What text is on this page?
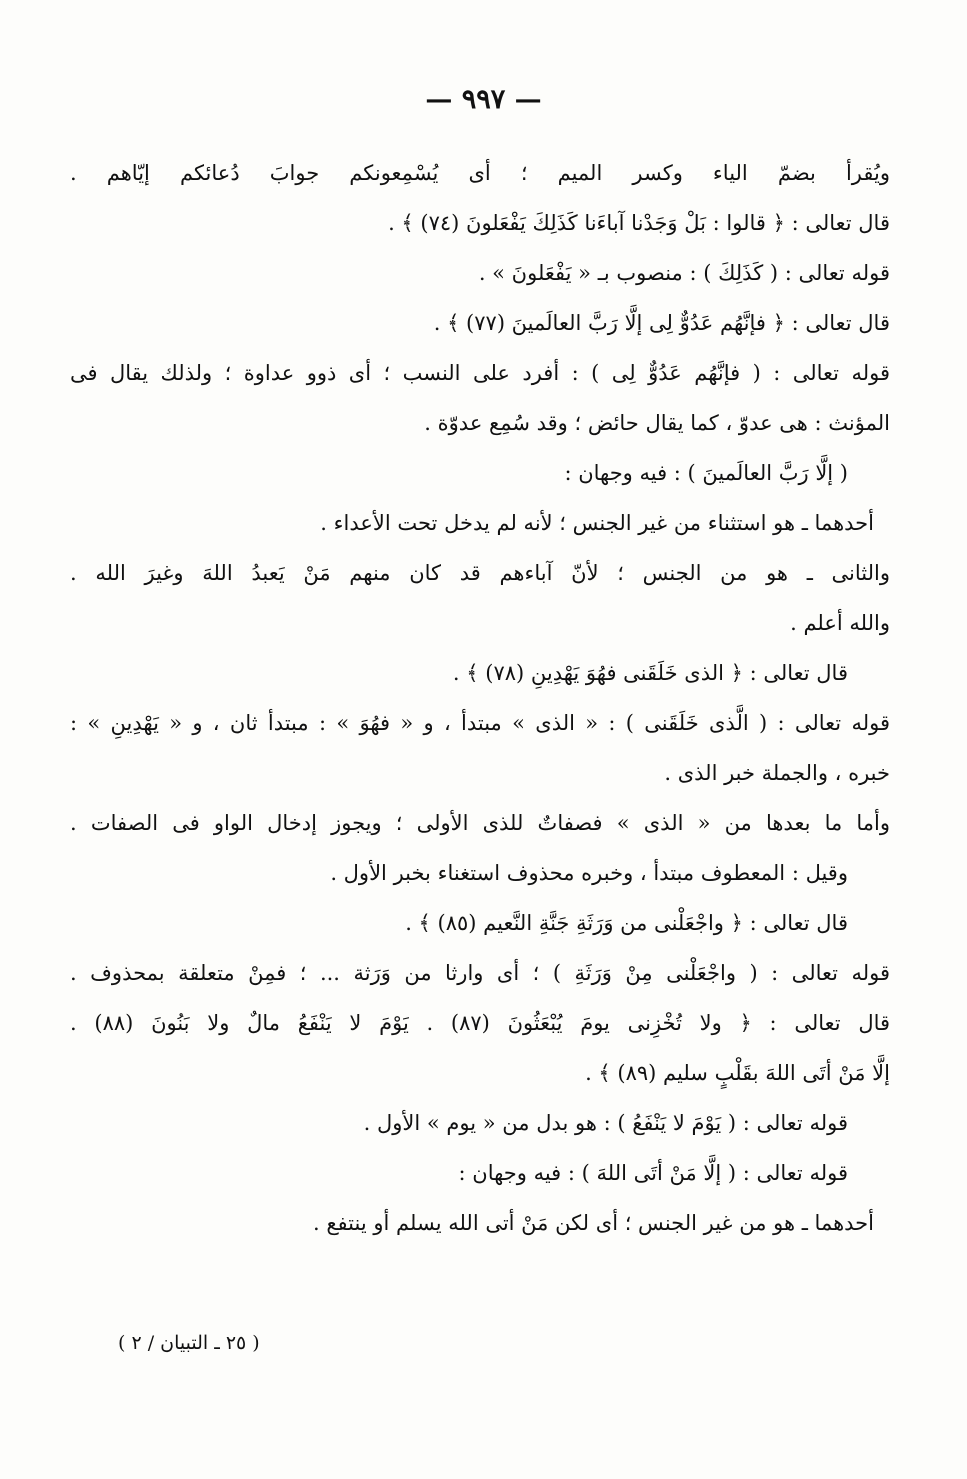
— ٩٩٧ —
ويُقرأ بضمّ الياء وكسر الميم ؛ أى يُسْمِعونكم جوابَ دُعائكم إيّاهم .
قال تعالى : ﴿ قالوا : بَلْ وَجَدْنا آباءَنا كَذَلِكَ يَفْعَلونَ (٧٤) ﴾ .
قوله تعالى : ( كَذَلِكَ ) : منصوب بـ « يَفْعَلونَ » .
قال تعالى : ﴿ فإنَّهُم عَدُوٌّ لِى إلَّا رَبَّ العالَمينَ (٧٧) ﴾ .
قوله تعالى : ( فإنَّهُم عَدُوٌّ لِى ) : أفرد على النسب ؛ أى ذوو عداوة ؛ ولذلك يقال فى
المؤنث : هى عدوّ ، كما يقال حائض ؛ وقد سُمِع عدوّة .
( إلَّا رَبَّ العالَمينَ ) : فيه وجهان :
أحدهما ـ هو استثناء من غير الجنس ؛ لأنه لم يدخل تحت الأعداء .
والثانى ـ هو من الجنس ؛ لأنّ آباءهم قد كان منهم مَنْ يَعبدُ اللهَ وغيرَ الله .
والله أعلم .
قال تعالى : ﴿ الذى خَلَقَنى فهُوَ يَهْدِينِ (٧٨) ﴾ .
قوله تعالى : ( الَّذى خَلَقَنى ) : « الذى » مبتدأ ، و « فهُوَ » : مبتدأ ثان ، و « يَهْدِينِ » :
خبره ، والجملة خبر الذى .
وأما ما بعدها من « الذى » فصفاتٌ للذى الأولى ؛ ويجوز إدخال الواو فى الصفات .
وقيل : المعطوف مبتدأ ، وخبره محذوف استغناء بخبر الأول .
قال تعالى : ﴿ واجْعَلْنى من وَرَثَةِ جَنَّةِ النَّعيم (٨٥) ﴾ .
قوله تعالى : ( واجْعَلْنى مِنْ وَرَثَةِ ) ؛ أى وارثا من وَرَثة ... ؛ فمِنْ متعلقة بمحذوف .
قال تعالى : ﴿ ولا تُخْزِنى يومَ يُبْعَثُونَ (٨٧) . يَوْمَ لا يَنْفَعُ مالٌ ولا بَنُونَ (٨٨) .
إلَّا مَنْ أتَى اللهَ بقَلْبٍ سليم (٨٩) ﴾ .
قوله تعالى : ( يَوْمَ لا يَنْفَعُ ) : هو بدل من « يوم » الأول .
قوله تعالى : ( إلَّا مَنْ أتَى اللهَ ) : فيه وجهان :
أحدهما ـ هو من غير الجنس ؛ أى لكن مَنْ أتى الله يسلم أو ينتفع .
( ٢٥ ـ التبيان / ٢ )
